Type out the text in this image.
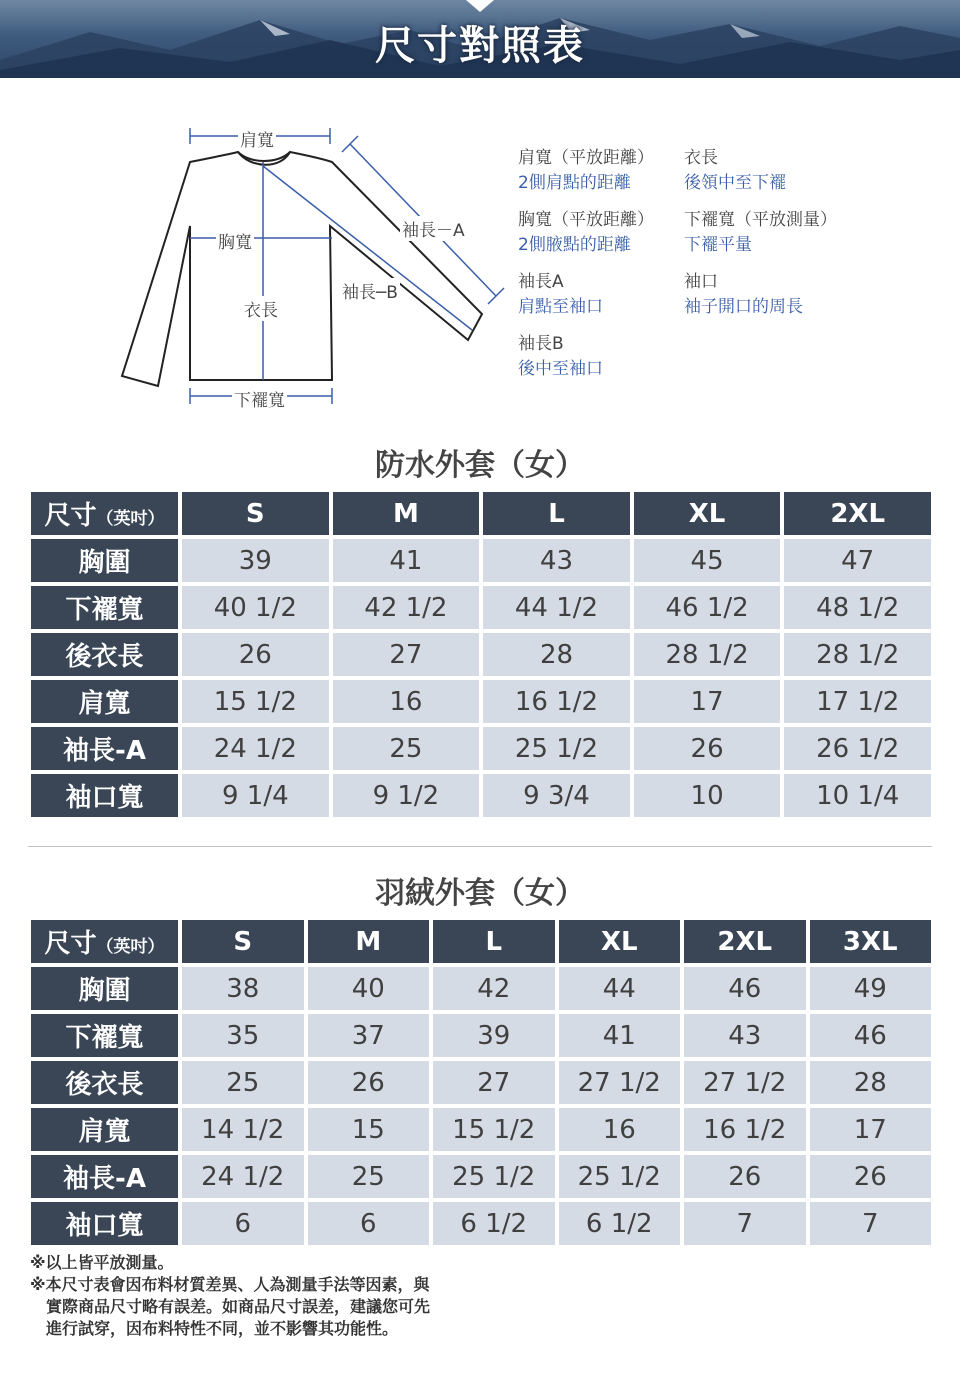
尺寸對照表
肩寬
胸寬
衣長
下襬寬
袖長－A
袖長─B
肩寬（平放距離）
2側肩點的距離
胸寬（平放距離）
2側腋點的距離
袖長A
肩點至袖口
袖長B
後中至袖口
衣長
後領中至下襬
下襬寬（平放測量）
下襬平量
袖口
袖子開口的周長
防水外套（女）
尺寸（英吋）	S	M	L	XL	2XL
胸圍	39	41	43	45	47
下襬寬	40 1/2	42 1/2	44 1/2	46 1/2	48 1/2
後衣長	26	27	28	28 1/2	28 1/2
肩寬	15 1/2	16	16 1/2	17	17 1/2
袖長-A	24 1/2	25	25 1/2	26	26 1/2
袖口寬	9 1/4	9 1/2	9 3/4	10	10 1/4
羽絨外套（女）
尺寸（英吋）	S	M	L	XL	2XL	3XL
胸圍	38	40	42	44	46	49
下襬寬	35	37	39	41	43	46
後衣長	25	26	27	27 1/2	27 1/2	28
肩寬	14 1/2	15	15 1/2	16	16 1/2	17
袖長-A	24 1/2	25	25 1/2	25 1/2	26	26
袖口寬	6	6	6 1/2	6 1/2	7	7
※以上皆平放測量。
※本尺寸表會因布料材質差異、人為測量手法等因素，與
　實際商品尺寸略有誤差。如商品尺寸誤差，建議您可先
　進行試穿，因布料特性不同，並不影響其功能性。
